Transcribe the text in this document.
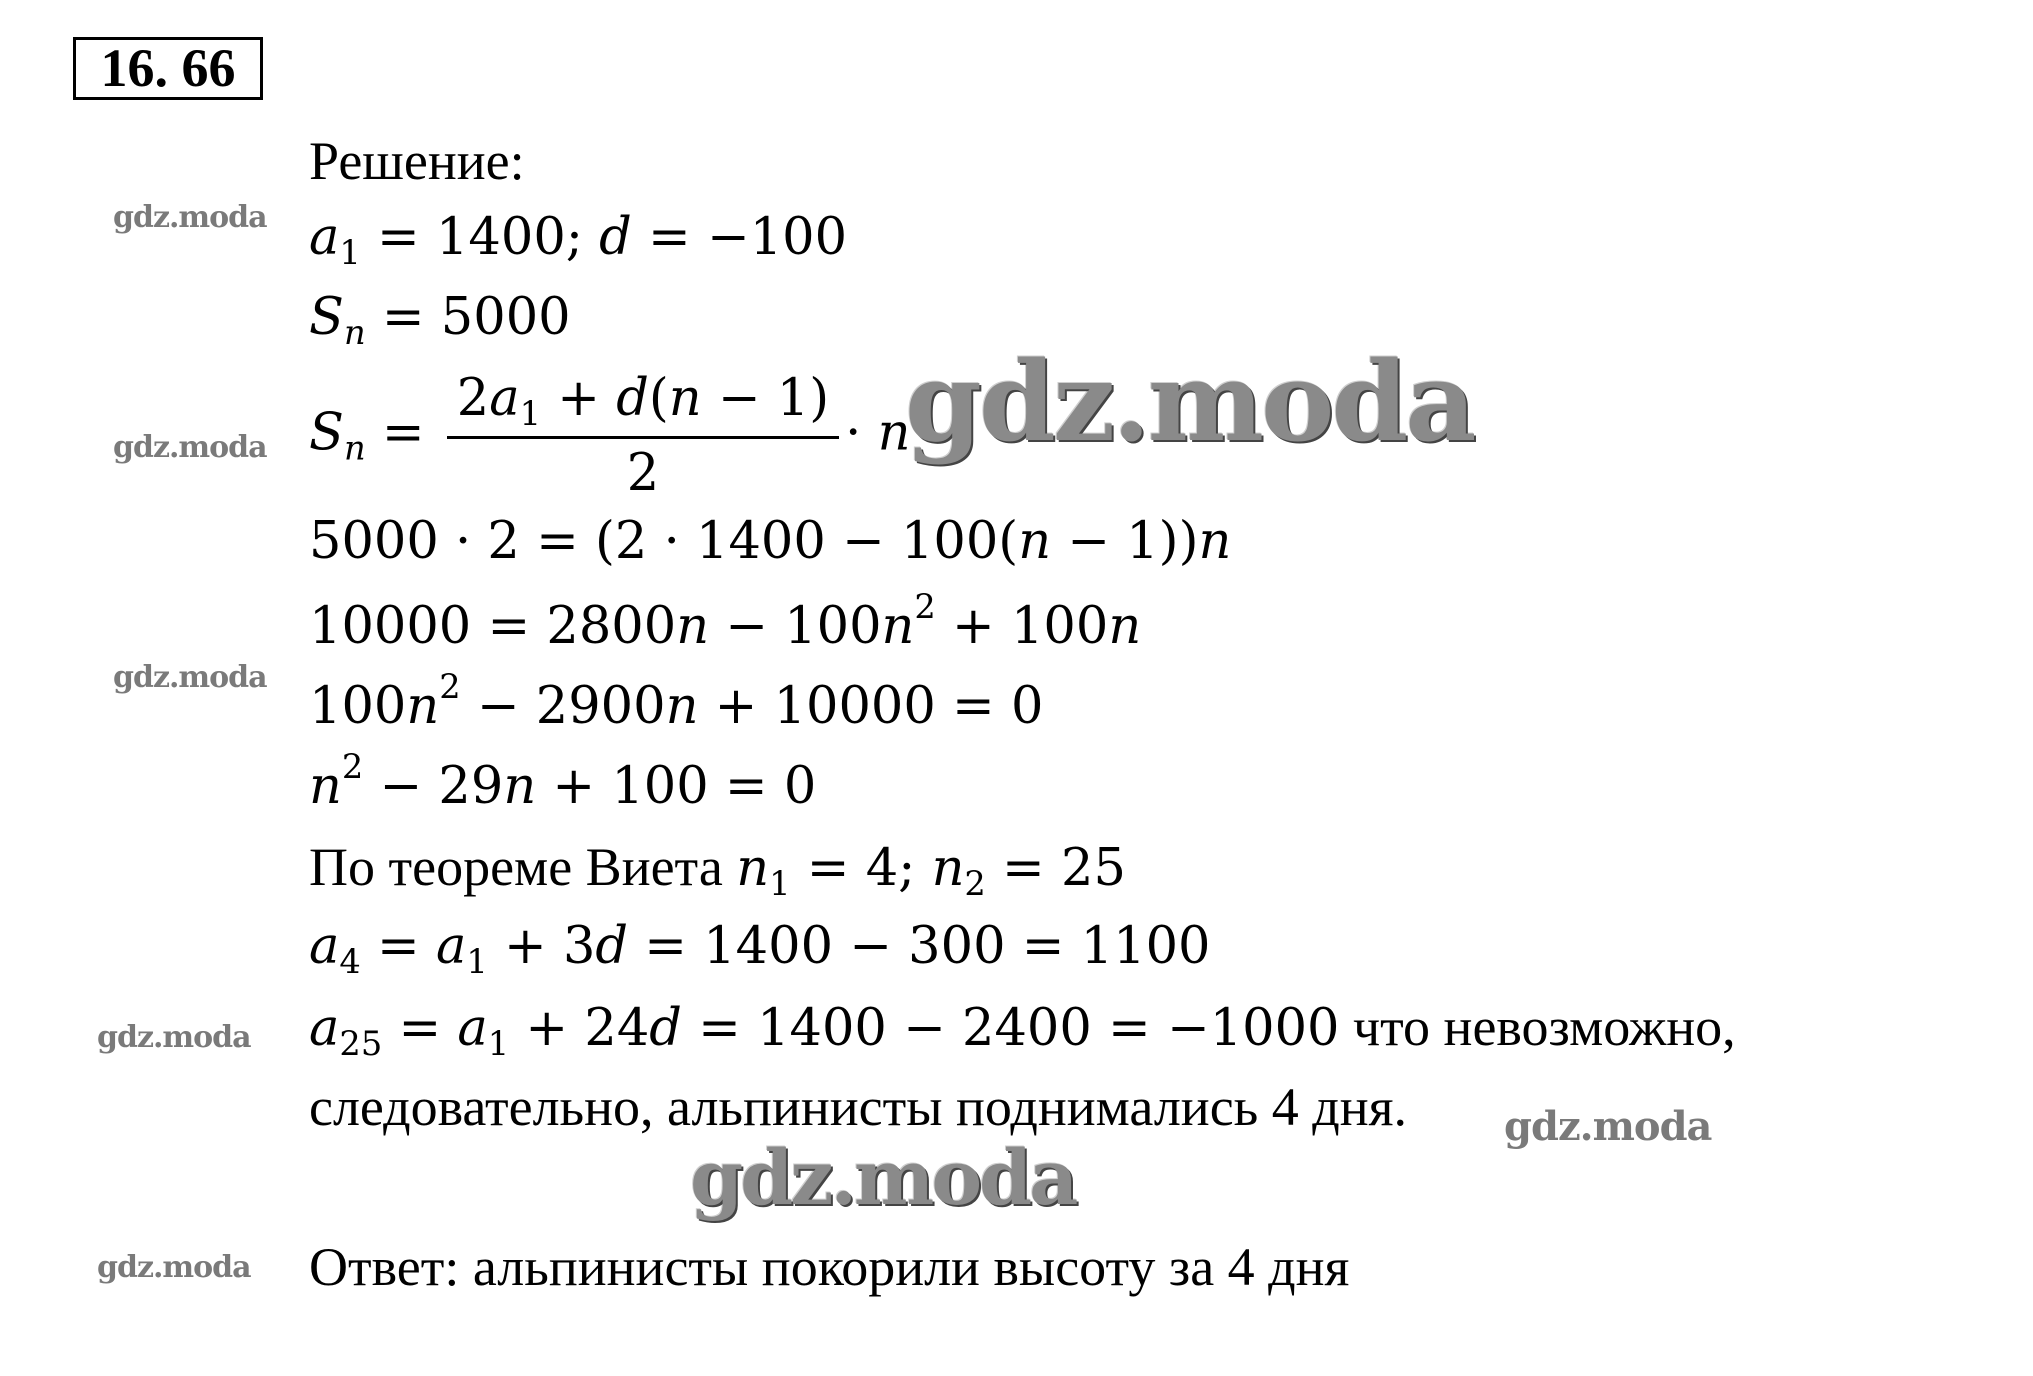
16. 66
Решение:
$a_1 = 1400$; d = −100
$S_n = 5000$
$S_n = \frac{2a_1 + d(n - 1)}{2} \cdot n$
5000 · 2 = (2 · 1400 − 100(n − 1))n
$10000 = 2800n - 100n^2 + 100n$
$100n^2 - 2900n + 10000 = 0$
$n^2 - 29n + 100 = 0$
По теореме Виета $n_1 = 4$; $n_2 = 25$
$a_4 = a_1 + 3d = 1400 - 300 = 1100$
$a_{25} = a_1 + 24d = 1400 - 2400 = -1000$ что невозможно,
следовательно, альпинисты поднимались 4 дня.
Ответ: альпинисты покорили высоту за 4 дня
gdz.moda
gdz.moda
gdz.moda
gdz.moda
gdz.moda
gdz.moda
gdz.moda
gdz.moda
